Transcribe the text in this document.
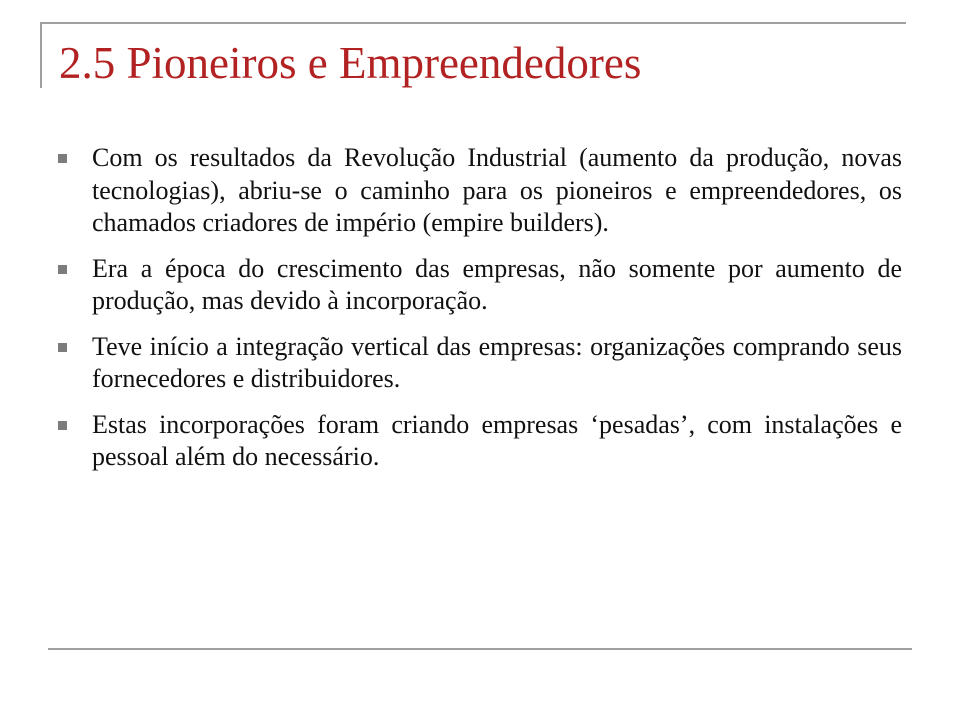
2.5 Pioneiros e Empreendedores
Com os resultados da Revolução Industrial (aumento da produção, novas tecnologias), abriu-se o caminho para os pioneiros e empreendedores, os chamados criadores de império (empire builders).
Era a época do crescimento das empresas, não somente por aumento de produção, mas devido à incorporação.
Teve início a integração vertical das empresas: organizações comprando seus fornecedores e distribuidores.
Estas incorporações foram criando empresas ‘pesadas’, com instalações e pessoal além do necessário.
